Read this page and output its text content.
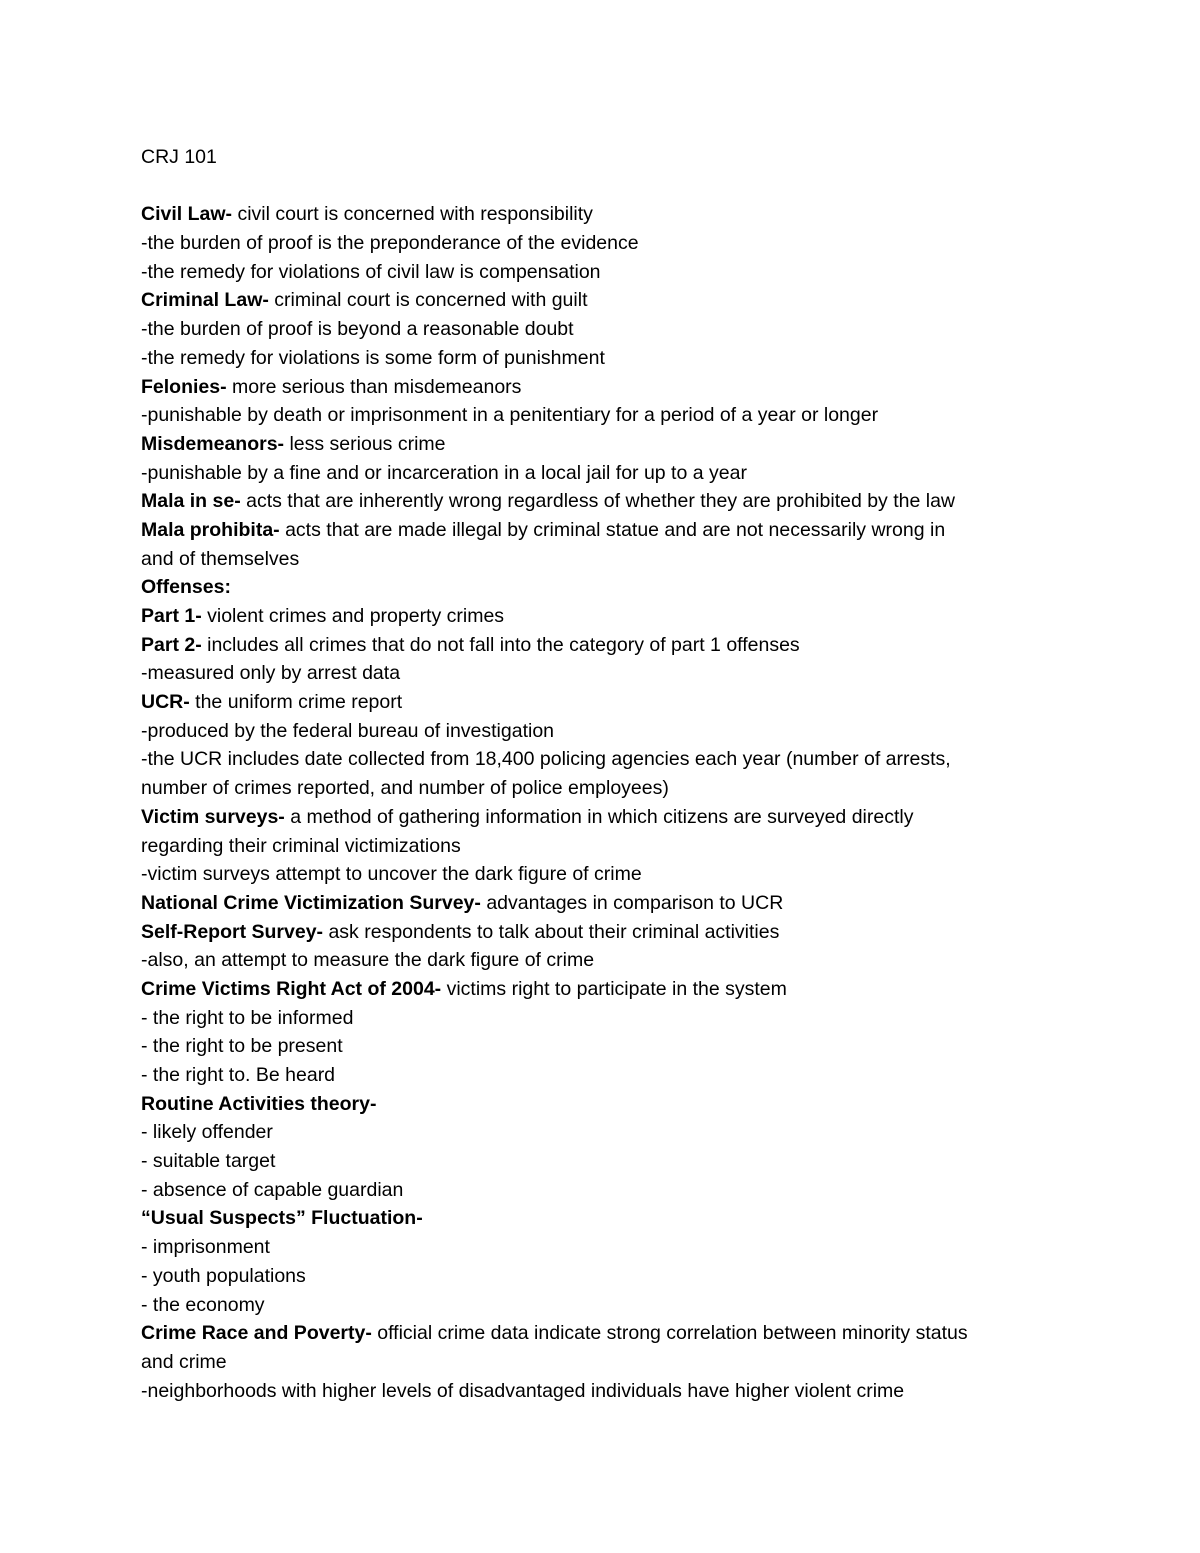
CRJ 101
Civil Law- civil court is concerned with responsibility
-the burden of proof is the preponderance of the evidence
-the remedy for violations of civil law is compensation
Criminal Law- criminal court is concerned with guilt
-the burden of proof is beyond a reasonable doubt
-the remedy for violations is some form of punishment
Felonies- more serious than misdemeanors
-punishable by death or imprisonment in a penitentiary for a period of a year or longer
Misdemeanors- less serious crime
-punishable by a fine and or incarceration in a local jail for up to a year
Mala in se- acts that are inherently wrong regardless of whether they are prohibited by the law
Mala prohibita- acts that are made illegal by criminal statue and are not necessarily wrong in
and of themselves
Offenses:
Part 1- violent crimes and property crimes
Part 2- includes all crimes that do not fall into the category of part 1 offenses
-measured only by arrest data
UCR- the uniform crime report
-produced by the federal bureau of investigation
-the UCR includes date collected from 18,400 policing agencies each year (number of arrests,
number of crimes reported, and number of police employees)
Victim surveys- a method of gathering information in which citizens are surveyed directly
regarding their criminal victimizations
-victim surveys attempt to uncover the dark figure of crime
National Crime Victimization Survey- advantages in comparison to UCR
Self-Report Survey- ask respondents to talk about their criminal activities
-also, an attempt to measure the dark figure of crime
Crime Victims Right Act of 2004- victims right to participate in the system
- the right to be informed
- the right to be present
- the right to. Be heard
Routine Activities theory-
- likely offender
- suitable target
- absence of capable guardian
“Usual Suspects” Fluctuation-
- imprisonment
- youth populations
- the economy
Crime Race and Poverty- official crime data indicate strong correlation between minority status
and crime
-neighborhoods with higher levels of disadvantaged individuals have higher violent crime
